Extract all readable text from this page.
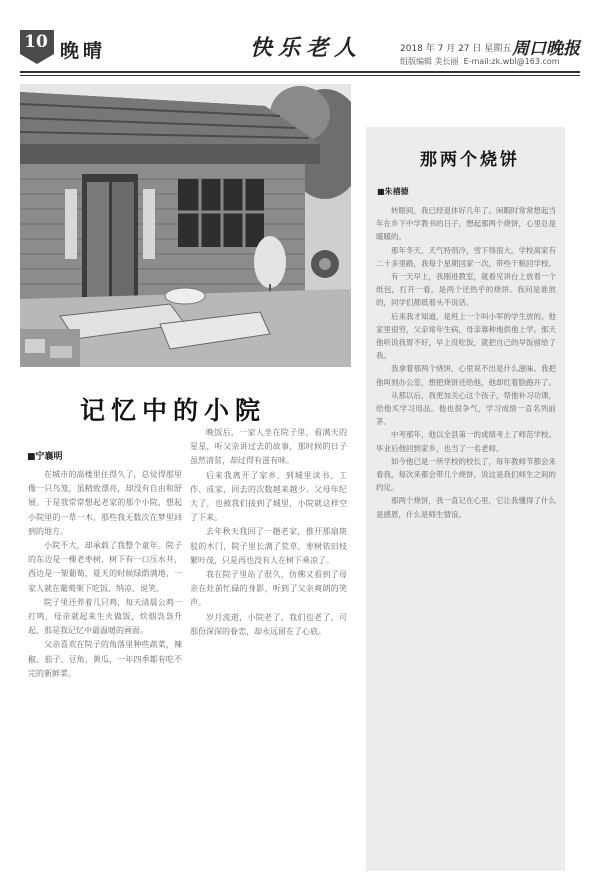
10 晚晴	快乐老人	2018 年 7 月 27 日 星期五 周口晚报
组版编辑 美长丽 E-mail:zk.wbl@163.com
记忆中的小院
■宁襄明

在城市的高楼里住得久了，总觉得那里像一只鸟笼，虽精致漂亮，却没有自由和舒展。于是我常常想起老家的那个小院，想起小院里的一草一木，那些我无数次在梦里回到的地方。

小院不大，却承载了我整个童年。院子的东边是一棵老枣树，树下有一口压水井，西边是一架葡萄，夏天的时候绿荫满地，一家人就在葡萄架下吃饭、纳凉、说笑。

院子里还养着几只鸡，每天清晨公鸡一打鸣，母亲就起来生火做饭，炊烟袅袅升起，那是我记忆中最温暖的画面。

父亲喜欢在院子的角落里种些蔬菜，辣椒、茄子、豆角、黄瓜，一年四季都有吃不完的新鲜菜。

晚饭后，一家人坐在院子里，看满天的星星，听父亲讲过去的故事，那时候的日子虽然清贫，却过得有滋有味。

后来我离开了家乡，到城里读书、工作、成家，回去的次数越来越少。父母年纪大了，也被我们接到了城里，小院就这样空了下来。

去年秋天我回了一趟老家，推开那扇斑驳的木门，院子里长满了荒草，枣树依旧枝繁叶茂，只是再也没有人在树下乘凉了。

我在院子里站了很久，仿佛又看到了母亲在灶前忙碌的身影，听到了父亲爽朗的笑声。

岁月流逝，小院老了，我们也老了，可那份深深的眷恋，却永远留在了心底。

那两个烧饼
■朱禧德

转眼间，我已经退休好几年了。闲暇时常常想起当年在乡下中学教书的日子，想起那两个烧饼，心里总是暖暖的。

那年冬天，天气特别冷，雪下得很大。学校离家有二十多里路，我每个星期回家一次，带些干粮回学校。

有一天早上，我刚进教室，就看见讲台上放着一个纸包，打开一看，是两个还热乎的烧饼。我问是谁放的，同学们都低着头不说话。

后来我才知道，是班上一个叫小军的学生放的。他家里很穷，父亲常年生病，母亲靠种地供他上学。那天他听说我胃不好，早上没吃饭，就把自己的早饭留给了我。

我拿着那两个烧饼，心里说不出是什么滋味。我把他叫到办公室，想把烧饼还给他，他却红着脸跑开了。

从那以后，我更加关心这个孩子，帮他补习功课，给他买学习用品。他也很争气，学习成绩一直名列前茅。

中考那年，他以全县第一的成绩考上了师范学校。毕业后他回到家乡，也当了一名老师。

如今他已是一所学校的校长了，每年教师节都会来看我，每次来都会带几个烧饼，说这是我们师生之间的约定。

那两个烧饼，我一直记在心里，它让我懂得了什么是感恩，什么是师生情谊。
